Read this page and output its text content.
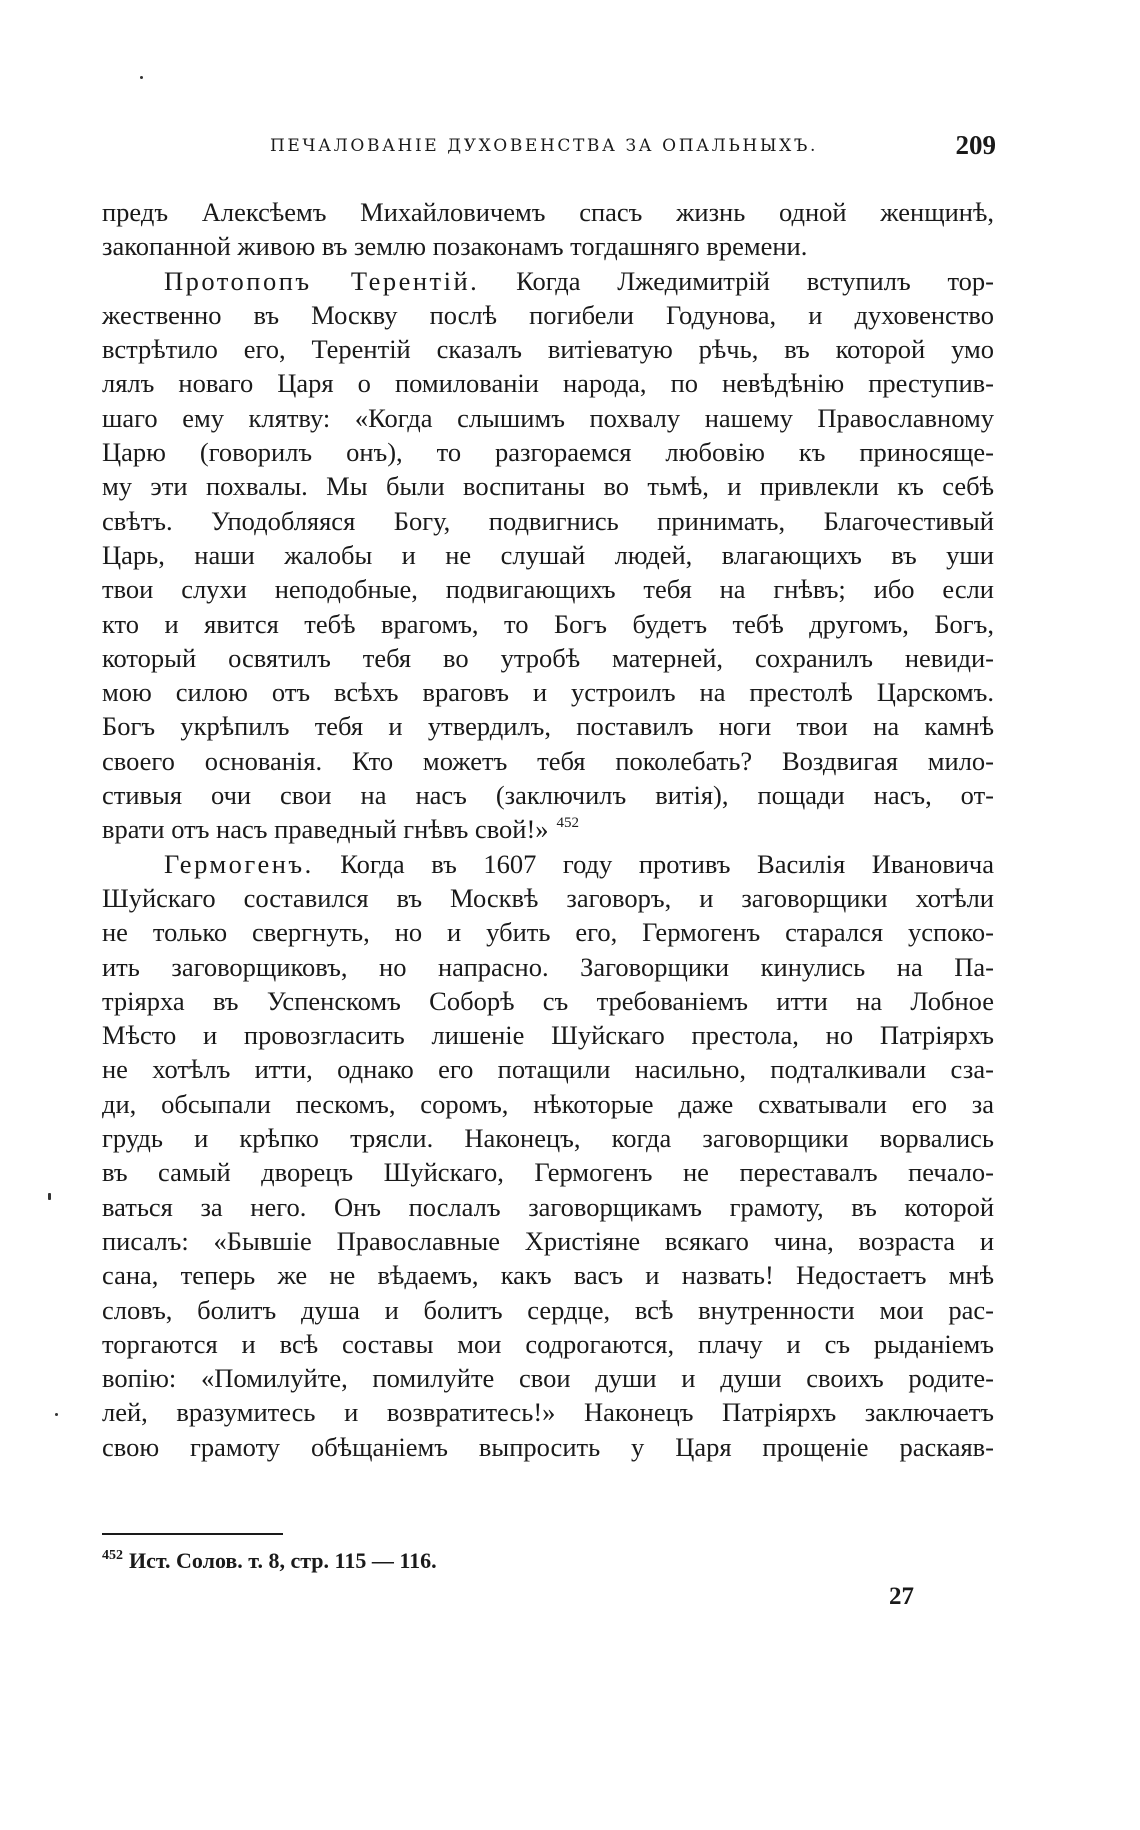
ПЕЧАЛОВАНІЕ ДУХОВЕНСТВА ЗА ОПАЛЬНЫХЪ.	209
предъ Алексѣемъ Михайловичемъ спасъ жизнь одной женщинѣ,
закопанной живою въ землю позаконамъ тогдашняго времени.
Протопопъ Терентій. Когда Лжедимитрій вступилъ тор-
жественно въ Москву послѣ погибели Годунова, и духовенство
встрѣтило его, Терентій сказалъ витіеватую рѣчь, въ которой умо
лялъ новаго Царя о помилованіи народа, по невѣдѣнію преступив-
шаго ему клятву: «Когда слышимъ похвалу нашему Православному
Царю (говорилъ онъ), то разгораемся любовію къ приносяще-
му эти похвалы. Мы были воспитаны во тьмѣ, и привлекли къ себѣ
свѣтъ. Уподобляяся Богу, подвигнись принимать, Благочестивый
Царь, наши жалобы и не слушай людей, влагающихъ въ уши
твои слухи неподобные, подвигающихъ тебя на гнѣвъ; ибо если
кто и явится тебѣ врагомъ, то Богъ будетъ тебѣ другомъ, Богъ,
который освятилъ тебя во утробѣ матерней, сохранилъ невиди-
мою силою отъ всѣхъ враговъ и устроилъ на престолѣ Царскомъ.
Богъ укрѣпилъ тебя и утвердилъ, поставилъ ноги твои на камнѣ
своего основанія. Кто можетъ тебя поколебать? Воздвигая мило-
стивыя очи свои на насъ (заключилъ витія), пощади насъ, от-
врати отъ насъ праведный гнѣвъ свой!» $^{452}$
Гермогенъ. Когда въ 1607 году противъ Василія Ивановича
Шуйскаго составился въ Москвѣ заговоръ, и заговорщики хотѣли
не только свергнуть, но и убить его, Гермогенъ старался успоко-
ить заговорщиковъ, но напрасно. Заговорщики кинулись на Па-
тріярха въ Успенскомъ Соборѣ съ требованіемъ итти на Лобное
Мѣсто и провозгласить лишеніе Шуйскаго престола, но Патріярхъ
не хотѣлъ итти, однако его потащили насильно, подталкивали сза-
ди, обсыпали пескомъ, соромъ, нѣкоторые даже схватывали его за
грудь и крѣпко трясли. Наконецъ, когда заговорщики ворвались
въ самый дворецъ Шуйскаго, Гермогенъ не переставалъ печало-
ваться за него. Онъ послалъ заговорщикамъ грамоту, въ которой
писалъ: «Бывшіе Православные Христіяне всякаго чина, возраста и
сана, теперь же не вѣдаемъ, какъ васъ и назвать! Недостаетъ мнѣ
словъ, болитъ душа и болитъ сердце, всѣ внутренности мои рас-
торгаются и всѣ составы мои содрогаются, плачу и съ рыданіемъ
вопію: «Помилуйте, помилуйте свои души и души своихъ родите-
лей, вразумитесь и возвратитесь!» Наконецъ Патріярхъ заключаетъ
свою грамоту обѣщаніемъ выпросить у Царя прощеніе раскаяв-
$^{452}$ Ист. Солов. т. 8, стр. 115 — 116.
27
